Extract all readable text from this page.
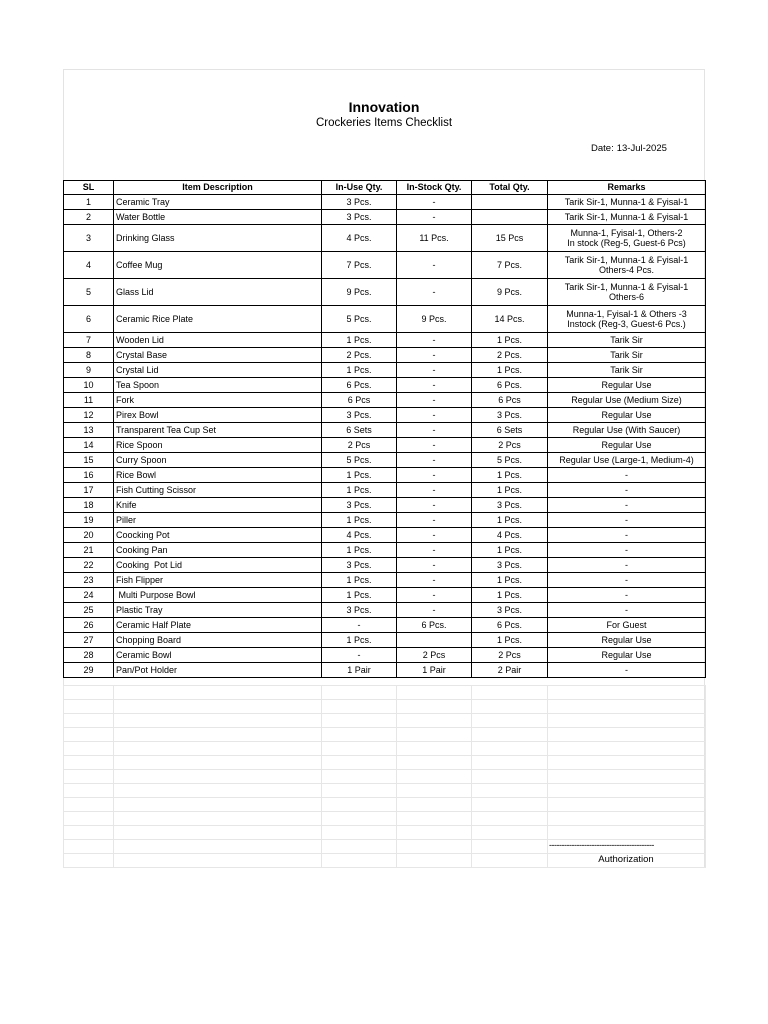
Innovation
Crockeries Items Checklist
Date: 13-Jul-2025
SL	Item Description	In-Use Qty.	In-Stock Qty.	Total Qty.	Remarks
1	Ceramic Tray	3 Pcs.	-		Tarik Sir-1, Munna-1 & Fyisal-1
2	Water Bottle	3 Pcs.	-		Tarik Sir-1, Munna-1 & Fyisal-1
3	Drinking Glass	4 Pcs.	11 Pcs.	15 Pcs	Munna-1, Fyisal-1, Others-2
In stock (Reg-5, Guest-6 Pcs)

4	Coffee Mug	7 Pcs.	-	7 Pcs.	Tarik Sir-1, Munna-1 & Fyisal-1
Others-4 Pcs.

5	Glass Lid	9 Pcs.	-	9 Pcs.	Tarik Sir-1, Munna-1 & Fyisal-1
Others-6

6	Ceramic Rice Plate	5 Pcs.	9 Pcs.	14 Pcs.	Munna-1, Fyisal-1 & Others -3
Instock (Reg-3, Guest-6 Pcs.)

7	Wooden Lid	1 Pcs.	-	1 Pcs.	Tarik Sir
8	Crystal Base	2 Pcs.	-	2 Pcs.	Tarik Sir
9	Crystal Lid	1 Pcs.	-	1 Pcs.	Tarik Sir
10	Tea Spoon	6 Pcs.	-	6 Pcs.	Regular Use
11	Fork	6 Pcs	-	6 Pcs	Regular Use (Medium Size)
12	Pirex Bowl	3 Pcs.	-	3 Pcs.	Regular Use
13	Transparent Tea Cup Set	6 Sets	-	6 Sets	Regular Use (With Saucer)
14	Rice Spoon	2 Pcs	-	2 Pcs	Regular Use
15	Curry Spoon	5 Pcs.	-	5 Pcs.	Regular Use (Large-1, Medium-4)
16	Rice Bowl	1 Pcs.	-	1 Pcs.	-
17	Fish Cutting Scissor	1 Pcs.	-	1 Pcs.	-
18	Knife	3 Pcs.	-	3 Pcs.	-
19	Piller	1 Pcs.	-	1 Pcs.	-
20	Coocking Pot	4 Pcs.	-	4 Pcs.	-
21	Cooking Pan	1 Pcs.	-	1 Pcs.	-
22	Cooking  Pot Lid	3 Pcs.	-	3 Pcs.	-
23	Fish Flipper	1 Pcs.	-	1 Pcs.	-
24	Multi Purpose Bowl	1 Pcs.	-	1 Pcs.	-
25	Plastic Tray	3 Pcs.	-	3 Pcs.	-
26	Ceramic Half Plate	-	6 Pcs.	6 Pcs.	For Guest
27	Chopping Board	1 Pcs.		1 Pcs.	Regular Use
28	Ceramic Bowl	-	2 Pcs	2 Pcs	Regular Use
29	Pan/Pot Holder	1 Pair	1 Pair	2 Pair	-

------------------------------------------
Authorization
